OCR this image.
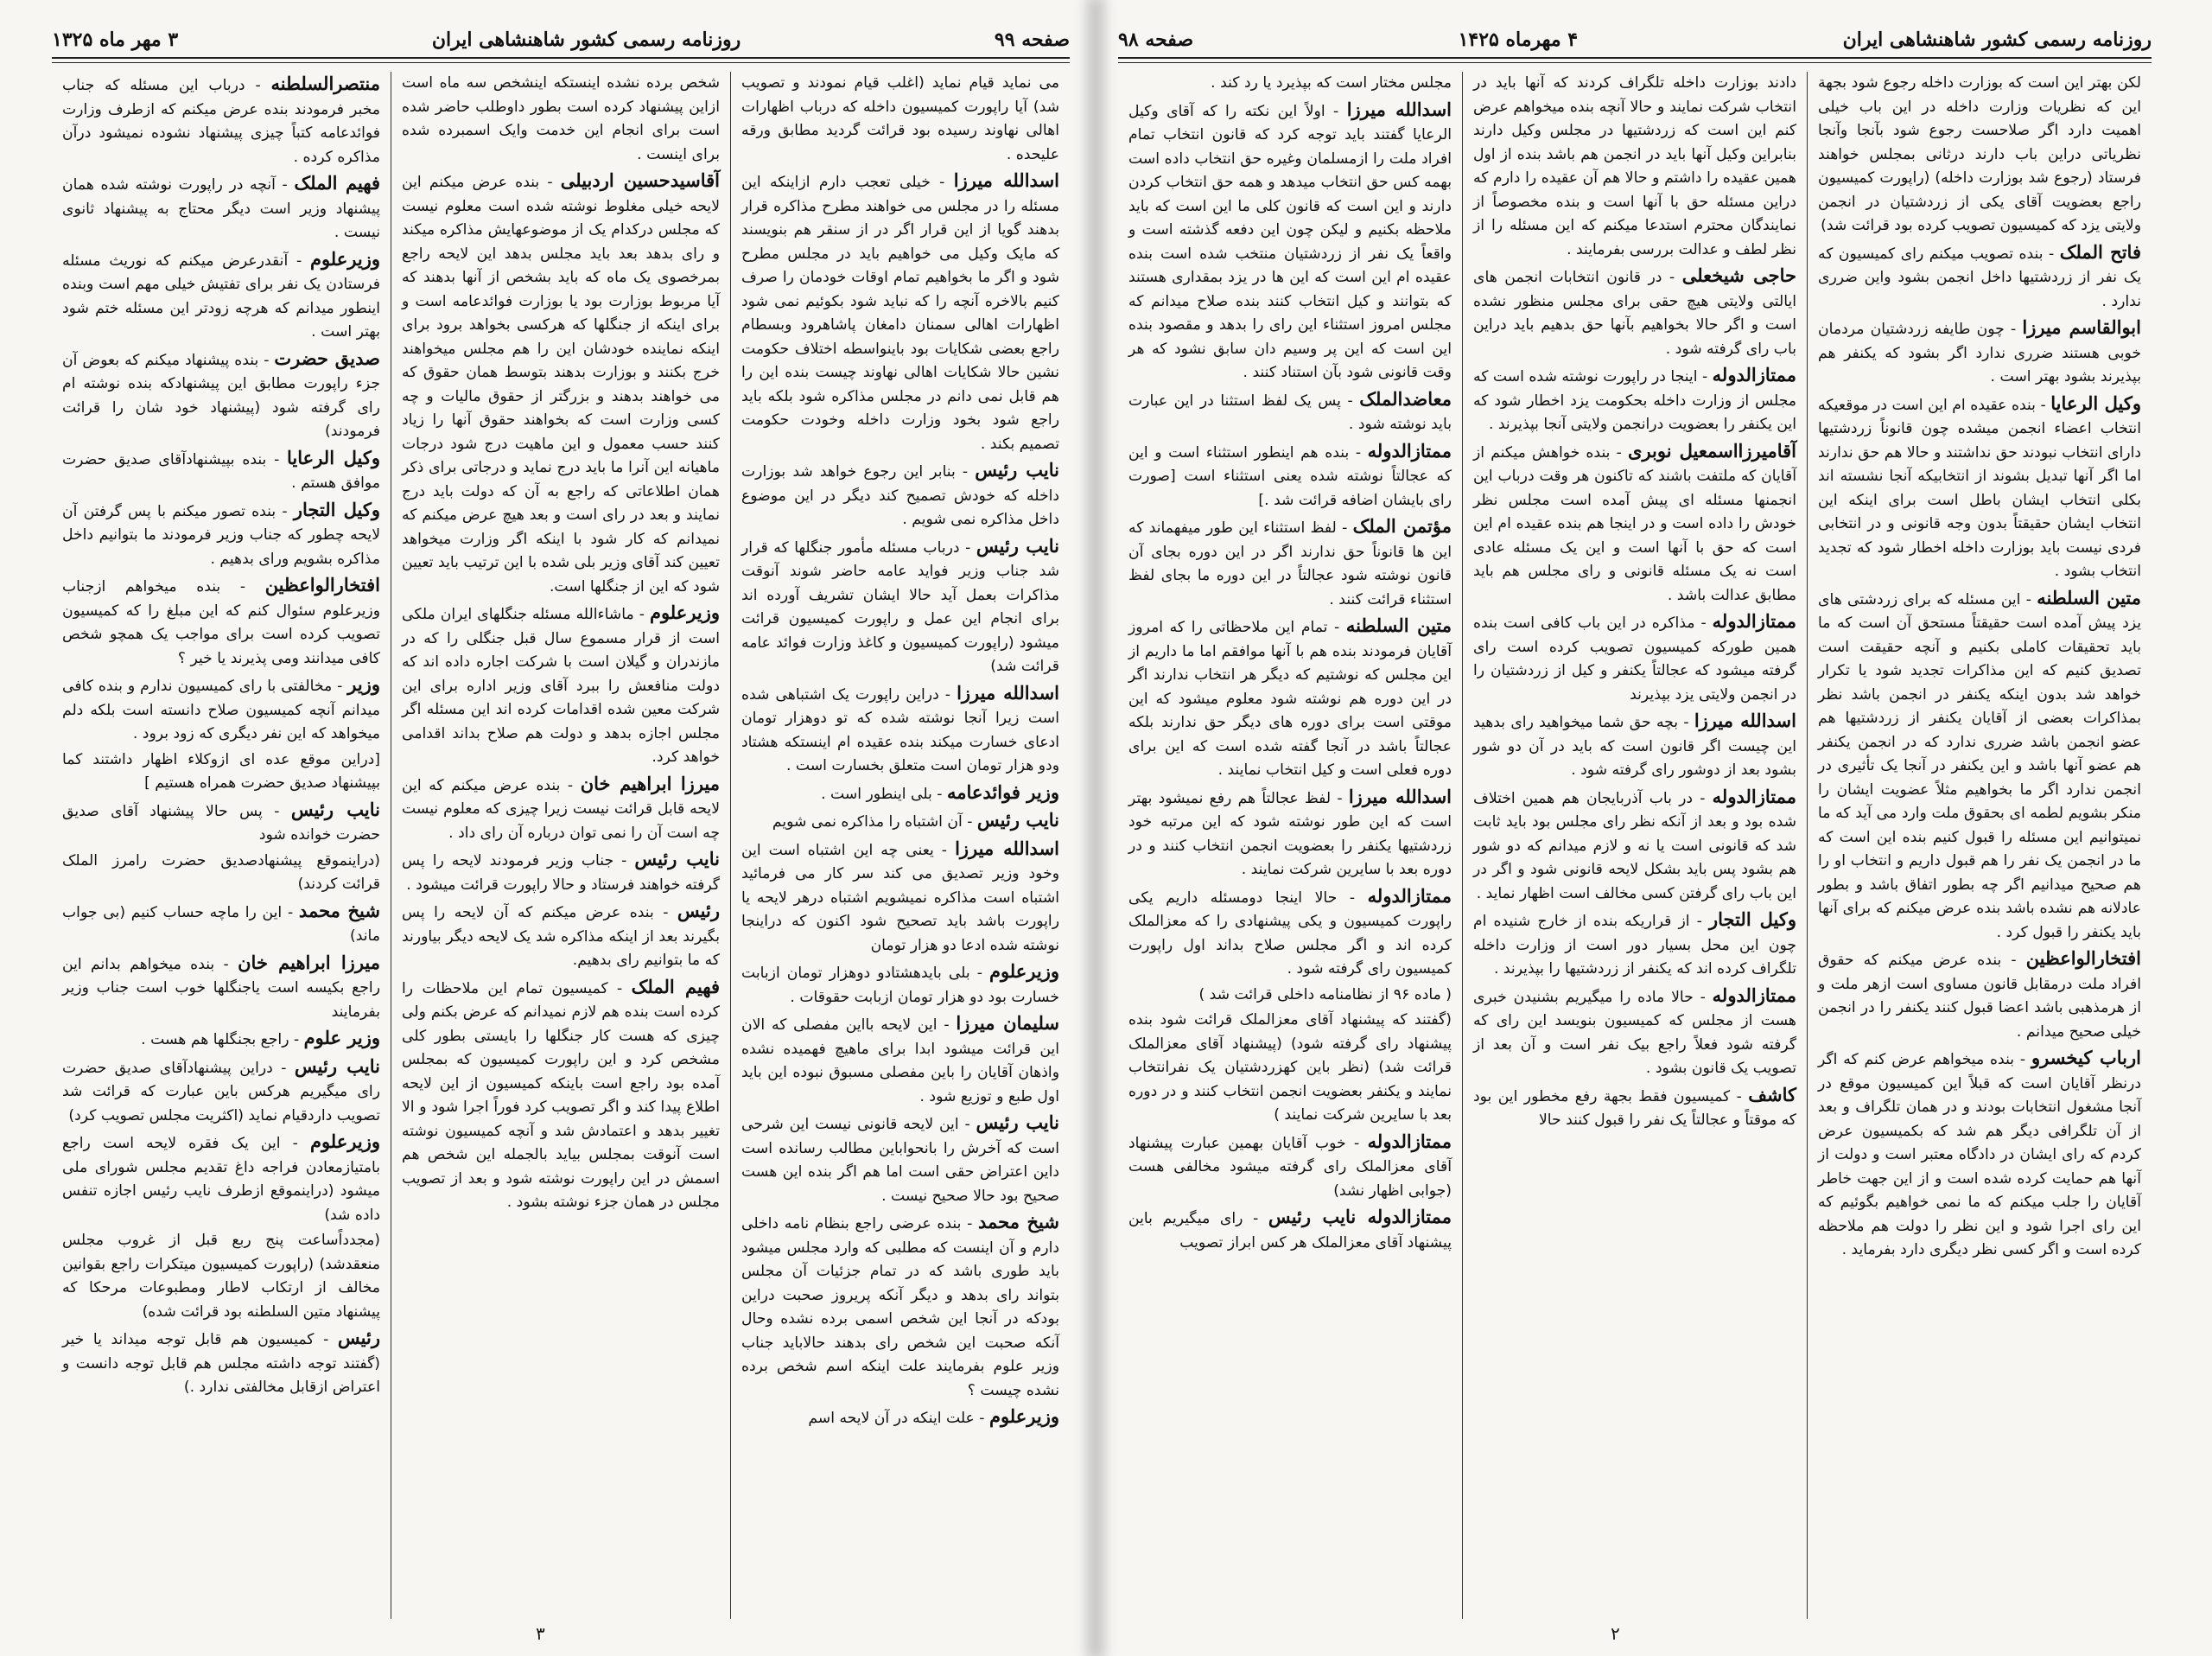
صفحه ۹۹
روزنامه رسمی کشور شاهنشاهی ایران
۳ مهر ماه ۱۳۲۵

می نماید قیام نماید (اغلب قیام نمودند و تصویب شد) آیا راپورت کمیسیون داخله که درباب اظهارات اهالی نهاوند رسیده بود قرائت گردید مطابق ورقه علیحده .

اسدالله میرزا - خیلی تعجب دارم ازاینکه این مسئله را در مجلس می خواهند مطرح مذاکره قرار بدهند گویا از این قرار اگر در از سنقر هم بنویسند که مایک وکیل می خواهیم باید در مجلس مطرح شود و اگر ما بخواهیم تمام اوقات خودمان را صرف کنیم بالاخره آنچه را که نباید شود بکوئیم نمی شود اظهارات اهالی سمنان دامغان پاشاهرود وبسطام راجع بعضی شکایات بود باینواسطه اختلاف حکومت نشین حالا شکایات اهالی نهاوند چیست بنده این را هم قابل نمی دانم در مجلس مذاکره شود بلکه باید راجع شود بخود وزارت داخله وخودت حکومت تصمیم بکند .

نایب رئیس - بنابر این رجوع خواهد شد بوزارت داخله که خودش تصمیح کند دیگر در این موضوع داخل مذاکره نمی شویم .

نایب رئیس - درباب مسئله مأمور جنگلها که قرار شد جناب وزیر فواید عامه حاضر شوند آنوقت مذاکرات بعمل آید حالا ایشان تشریف آورده اند برای انجام این عمل و راپورت کمیسیون قرائت میشود (راپورت کمیسیون و کاغذ وزارت فوائد عامه قرائت شد)

اسدالله میرزا - دراین راپورت یک اشتباهی شده است زیرا آنجا نوشته شده که تو دوهزار تومان ادعای خسارت میکند بنده عقیده ام اینستکه هشتاد ودو هزار تومان است متعلق بخسارت است .

وزیر فوائدعامه - بلی اینطور است .

نایب رئیس - آن اشتباه را مذاکره نمی شویم

اسدالله میرزا - یعنی چه این اشتباه است این وخود وزیر تصدیق می کند سر کار می فرمائید اشتباه است مذاکره نمیشویم اشتباه درهر لایحه یا راپورت باشد باید تصحیح شود اکنون که دراینجا نوشته شده ادعا دو هزار تومان

وزیرعلوم - بلی بایدهشتادو دوهزار تومان ازبابت خسارت بود دو هزار تومان ازبابت حقوقات .

سلیمان میرزا - این لایحه بااین مفصلی که الان این قرائت میشود ابدا برای ماهیچ فهمیده نشده واذهان آقایان را باین مفصلی مسبوق نبوده این باید اول طبع و توزیع شود .

نایب رئیس - این لایحه قانونی نیست این شرحی است که آخرش را بانحواباین مطالب رسانده است داین اعتراض حقی است اما هم اگر بنده این هست صحیح بود حالا صحیح نیست .

شیخ محمد - بنده عرضی راجع بنظام نامه داخلی دارم و آن اینست که مطلبی که وارد مجلس میشود باید طوری باشد که در تمام جزئیات آن مجلس بتواند رای بدهد و دیگر آنکه پریروز صحبت دراین بودکه در آنجا این شخص اسمی برده نشده وحال آنکه صحبت این شخص رای بدهند حالاباید جناب وزیر علوم بفرمایند علت اینکه اسم شخص برده نشده چیست ؟

وزیرعلوم - علت اینکه در آن لایحه اسم

شخص برده نشده اینستکه اینشخص سه ماه است ازاین پیشنهاد کرده است بطور داوطلب حاضر شده است برای انجام این خدمت وایک اسمبرده شده برای اینست .

آقاسیدحسین اردبیلی - بنده عرض میکنم این لایحه خیلی مغلوط نوشته شده است معلوم نیست که مجلس درکدام یک از موضوعهایش مذاکره میکند و رای بدهد بعد باید مجلس بدهد این لایحه راجع بمرخصوی یک ماه که باید بشخص از آنها بدهند که آیا مربوط بوزارت بود یا بوزارت فوائدعامه است و برای اینکه از جنگلها که هرکسی بخواهد برود برای اینکه نماینده خودشان این را هم مجلس میخواهند خرج بکنند و بوزارت بدهند بتوسط همان حقوق که می خواهند بدهند و بزرگتر از حقوق مالیات و چه کسی وزارت است که بخواهند حقوق آنها را زیاد کنند حسب معمول و این ماهیت درج شود درجات ماهیانه این آنرا ما باید درج نماید و درجاتی برای ذکر همان اطلاعاتی که راجع به آن که دولت باید درج نمایند و بعد در رای است و بعد هیچ عرض میکنم که نمیدانم که کار شود با اینکه اگر وزارت میخواهد تعیین کند آقای وزیر بلی شده با این ترتیب باید تعیین شود که این از جنگلها است.

وزیرعلوم - ماشاءالله مسئله جنگلهای ایران ملکی است از قرار مسموع سال قبل جنگلی را که در مازندران و گیلان است با شرکت اجاره داده اند که دولت منافعش را ببرد آقای وزیر اداره برای این شرکت معین شده اقدامات کرده اند این مسئله اگر مجلس اجازه بدهد و دولت هم صلاح بداند اقدامی خواهد کرد.

میرزا ابراهیم خان - بنده عرض میکنم که این لایحه قابل قرائت نیست زیرا چیزی که معلوم نیست چه است آن را نمی توان درباره آن رای داد .

نایب رئیس - جناب وزیر فرمودند لایحه را پس گرفته خواهند فرستاد و حالا راپورت قرائت میشود .

رئیس - بنده عرض میکنم که آن لایحه را پس بگیرند بعد از اینکه مذاکره شد یک لایحه دیگر بیاورند که ما بتوانیم رای بدهیم.

فهیم الملک - کمیسیون تمام این ملاحظات را کرده است بنده هم لازم نمیدانم که عرض بکنم ولی چیزی که هست کار جنگلها را بایستی بطور کلی مشخص کرد و این راپورت کمیسیون که بمجلس آمده بود راجع است باینکه کمیسیون از این لایحه اطلاع پیدا کند و اگر تصویب کرد فوراً اجرا شود و الا تغییر بدهد و اعتمادش شد و آنچه کمیسیون نوشته است آنوقت بمجلس بیاید بالجمله این شخص هم اسمش در این راپورت نوشته شود و بعد از تصویب مجلس در همان جزء نوشته بشود .

منتصرالسلطنه - درباب این مسئله که جناب مخبر فرمودند بنده عرض میکنم که ازطرف وزارت فوائدعامه کتباً چیزی پیشنهاد نشوده نمیشود درآن مذاکره کرده .

فهیم الملک - آنچه در راپورت نوشته شده همان پیشنهاد وزیر است دیگر محتاج به پیشنهاد ثانوی نیست .

وزیرعلوم - آنقدرعرض میکنم که نوریث مسئله فرستادن یک نفر برای تفتیش خیلی مهم است وبنده اینطور میدانم که هرچه زودتر این مسئله ختم شود بهتر است .

صدیق حضرت - بنده پیشنهاد میکنم که بعوض آن جزء راپورت مطابق این پیشنهادکه بنده نوشته ام رای گرفته شود (پیشنهاد خود شان را قرائت فرمودند)

وکیل الرعایا - بنده بپیشنهادآقای صدیق حضرت موافق هستم .

وکیل التجار - بنده تصور میکنم با پس گرفتن آن لایحه چطور که جناب وزیر فرمودند ما بتوانیم داخل مذاکره بشویم ورای بدهیم .

افتخارالواعظین - بنده میخواهم ازجناب وزیرعلوم سئوال کنم که این مبلغ را که کمیسیون تصویب کرده است برای مواجب یک همچو شخص کافی میدانند ومی پذیرند یا خیر ؟

وزیر - مخالفتی با رای کمیسیون ندارم و بنده کافی میدانم آنچه کمیسیون صلاح دانسته است بلکه دلم میخواهد که این نفر دیگری که زود برود .

[دراین موقع عده ای ازوکلاء اظهار داشتند کما بپیشنهاد صدیق حضرت همراه هستیم ]

نایب رئیس - پس حالا پیشنهاد آقای صدیق حضرت خوانده شود

(دراینموقع پیشنهادصدیق حضرت رامرز الملک قرائت کردند)

شیخ محمد - این را ماچه حساب کنیم (بی جواب ماند)

میرزا ابراهیم خان - بنده میخواهم بدانم این راجع بکیسه است یاجنگلها خوب است جناب وزیر بفرمایند

وزیر علوم - راجع بجنگلها هم هست .

نایب رئیس - دراین پیشنهادآقای صدیق حضرت رای میگیریم هرکس باین عبارت که قرائت شد تصویب داردقیام نماید (اکثریت مجلس تصویب کرد)

وزیرعلوم - این یک فقره لایحه است راجع بامتیازمعادن فراجه داغ تقدیم مجلس شورای ملی میشود (دراینموقع ازطرف نایب رئیس اجازه تنفس داده شد)

(مجدداًساعت پنج ربع قبل از غروب مجلس منعقدشد) (راپورت کمیسیون میتکرات راجع بقوانین مخالف از ارتکاب لاطار ومطبوعات مرحکا که پیشنهاد متین السلطنه بود قرائت شده)

رئیس - کمیسیون هم قابل توجه میداند یا خیر (گفتند توجه داشته مجلس هم قابل توجه دانست و اعتراض ازقابل مخالفتی ندارد .)

۳
روزنامه رسمی کشور شاهنشاهی ایران
۴ مهرماه ۱۴۲۵
صفحه ۹۸

لکن بهتر این است که بوزارت داخله رجوع شود بجهة این که نظریات وزارت داخله در این باب خیلی اهمیت دارد اگر صلاحست رجوع شود بآنجا وآنجا نظریاتی دراین باب دارند درثانی بمجلس خواهند فرستاد (رجوع شد بوزارت داخله) (راپورت کمیسیون راجع بعضویت آقای یکی از زردشتیان در انجمن ولایتی یزد که کمیسیون تصویب کرده بود قرائت شد)

فاتح الملک - بنده تصویب میکنم رای کمیسیون که یک نفر از زردشتیها داخل انجمن بشود واین ضرری ندارد .

ابوالقاسم میرزا - چون طایفه زردشتیان مردمان خوبی هستند ضرری ندارد اگر بشود که یکنفر هم بپذیرند بشود بهتر است .

وکیل الرعایا - بنده عقیده ام این است در موقعیکه انتخاب اعضاء انجمن میشده چون قانوناً زردشتیها دارای انتخاب نبودند حق نداشتند و حالا هم حق ندارند اما اگر آنها تبدیل بشوند از انتخابیکه آنجا نشسته اند بکلی انتخاب ایشان باطل است برای اینکه این انتخاب ایشان حقیقتاً بدون وجه قانونی و در انتخابی فردی نیست باید بوزارت داخله اخطار شود که تجدید انتخاب بشود .

متین السلطنه - این مسئله که برای زردشتی های یزد پیش آمده است حقیقتاً مستحق آن است که ما باید تحقیقات کاملی بکنیم و آنچه حقیقت است تصدیق کنیم که این مذاکرات تجدید شود یا تکرار خواهد شد بدون اینکه یکنفر در انجمن باشد نظر بمذاکرات بعضی از آقایان یکنفر از زردشتیها هم عضو انجمن باشد ضرری ندارد که در انجمن یکنفر هم عضو آنها باشد و این یکنفر در آنجا یک تأثیری در انجمن ندارد اگر ما بخواهیم مثلاً عضویت ایشان را منکر بشویم لطمه ای بحقوق ملت وارد می آید که ما نمیتوانیم این مسئله را قبول کنیم بنده این است که ما در انجمن یک نفر را هم قبول داریم و انتخاب او را هم صحیح میدانیم اگر چه بطور اتفاق باشد و بطور عادلانه هم نشده باشد بنده عرض میکنم که برای آنها باید یکنفر را قبول کرد .

افتخارالواعظین - بنده عرض میکنم که حقوق افراد ملت درمقابل قانون مساوی است ازهر ملت و از هرمذهبی باشد اعضا قبول کنند یکنفر را در انجمن خیلی صحیح میدانم .

ارباب کیخسرو - بنده میخواهم عرض کنم که اگر درنظر آقایان است که قبلاً این کمیسیون موقع در آنجا مشغول انتخابات بودند و در همان تلگراف و بعد از آن تلگرافی دیگر هم شد که بکمیسیون عرض کردم که رای ایشان در دادگاه معتبر است و دولت از آنها هم حمایت کرده شده است و از این جهت خاطر آقایان را جلب میکنم که ما نمی خواهیم بگوئیم که این رای اجرا شود و این نظر را دولت هم ملاحظه کرده است و اگر کسی نظر دیگری دارد بفرماید .

دادند بوزارت داخله تلگراف کردند که آنها باید در انتخاب شرکت نمایند و حالا آنچه بنده میخواهم عرض کنم این است که زردشتیها در مجلس وکیل دارند بنابراین وکیل آنها باید در انجمن هم باشد بنده از اول همین عقیده را داشتم و حالا هم آن عقیده را دارم که دراین مسئله حق با آنها است و بنده مخصوصاً از نمایندگان محترم استدعا میکنم که این مسئله را از نظر لطف و عدالت بررسی بفرمایند .

حاجی شیخعلی - در قانون انتخابات انجمن های ایالتی ولایتی هیچ حقی برای مجلس منظور نشده است و اگر حالا بخواهیم بآنها حق بدهیم باید دراین باب رای گرفته شود .

ممتازالدوله - اینجا در راپورت نوشته شده است که مجلس از وزارت داخله بحکومت یزد اخطار شود که این یکنفر را بعضویت درانجمن ولایتی آنجا بپذیرند .

آقامیرزااسمعیل نوبری - بنده خواهش میکنم از آقایان که ملتفت باشند که تاکنون هر وقت درباب این انجمنها مسئله ای پیش آمده است مجلس نظر خودش را داده است و در اینجا هم بنده عقیده ام این است که حق با آنها است و این یک مسئله عادی است نه یک مسئله قانونی و رای مجلس هم باید مطابق عدالت باشد .

ممتازالدوله - مذاکره در این باب کافی است بنده همین طورکه کمیسیون تصویب کرده است رای گرفته میشود که عجالتاً یکنفر و کیل از زردشتیان را در انجمن ولایتی یزد بپذیرند

اسدالله میرزا - بچه حق شما میخواهید رای بدهید این چیست اگر قانون است که باید در آن دو شور بشود بعد از دوشور رای گرفته شود .

ممتازالدوله - در باب آذربایجان هم همین اختلاف شده بود و بعد از آنکه نظر رای مجلس بود باید ثابت شد که قانونی است یا نه و لازم میدانم که دو شور هم بشود پس باید بشکل لایحه قانونی شود و اگر در این باب رای گرفتن کسی مخالف است اظهار نماید .

وکیل التجار - از قراریکه بنده از خارج شنیده ام چون این محل بسیار دور است از وزارت داخله تلگراف کرده اند که یکنفر از زردشتیها را بپذیرند .

ممتازالدوله - حالا ماده را میگیریم بشنیدن خبری هست از مجلس که کمیسیون بنویسد این رای که گرفته شود فعلاً راجع بیک نفر است و آن بعد از تصویب یک قانون بشود .

کاشف - کمیسیون فقط بجهة رفع مخطور این بود که موقتاً و عجالتاً یک نفر را قبول کنند حالا

مجلس مختار است که بپذیرد یا رد کند .

اسدالله میرزا - اولاً این نکته را که آقای وکیل الرعایا گفتند باید توجه کرد که قانون انتخاب تمام افراد ملت را ازمسلمان وغیره حق انتخاب داده است بهمه کس حق انتخاب میدهد و همه حق انتخاب کردن دارند و این است که قانون کلی ما این است که باید ملاحظه بکنیم و لیکن چون این دفعه گذشته است و واقعاً یک نفر از زردشتیان منتخب شده است بنده عقیده ام این است که این ها در یزد بمقداری هستند که بتوانند و کیل انتخاب کنند بنده صلاح میدانم که مجلس امروز استثناء این رای را بدهد و مقصود بنده این است که این پر وسیم دان سابق نشود که هر وقت قانونی شود بآن استناد کنند .

معاضدالملک - پس یک لفظ استثنا در این عبارت باید نوشته شود .

ممتازالدوله - بنده هم اینطور استثناء است و این که عجالتاً نوشته شده یعنی استثناء است [صورت رای بایشان اضافه قرائت شد .]

مؤتمن الملک - لفظ استثناء این طور میفهماند که این ها قانوناً حق ندارند اگر در این دوره بجای آن قانون نوشته شود عجالتاً در این دوره ما بجای لفظ استثناء قرائت کنند .

متین السلطنه - تمام این ملاحظاتی را که امروز آقایان فرمودند بنده هم با آنها موافقم اما ما داریم از این مجلس که نوشتیم که دیگر هر انتخاب ندارند اگر در این دوره هم نوشته شود معلوم میشود که این موقتی است برای دوره های دیگر حق ندارند بلکه عجالتاً باشد در آنجا گفته شده است که این برای دوره فعلی است و کیل انتخاب نمایند .

اسدالله میرزا - لفظ عجالتاً هم رفع نمیشود بهتر است که این طور نوشته شود که این مرتبه خود زردشتیها یکنفر را بعضویت انجمن انتخاب کنند و در دوره بعد با سایرین شرکت نمایند .

ممتازالدوله - حالا اینجا دومسئله داریم یکی راپورت کمیسیون و یکی پیشنهادی را که معزالملک کرده اند و اگر مجلس صلاح بداند اول راپورت کمیسیون رای گرفته شود .

( ماده ۹۶ از نظامنامه داخلی قرائت شد )

(گفتند که پیشنهاد آقای معزالملک قرائت شود بنده پیشنهاد رای گرفته شود) (پیشنهاد آقای معزالملک قرائت شد) (نظر باین کهزردشتیان یک نفرانتخاب نمایند و یکنفر بعضویت انجمن انتخاب کنند و در دوره بعد با سایرین شرکت نمایند )

ممتازالدوله - خوب آقایان بهمین عبارت پیشنهاد آقای معزالملک رای گرفته میشود مخالفی هست (جوابی اظهار نشد)

ممتازالدوله نایب رئیس - رای میگیریم باین پیشنهاد آقای معزالملک هر کس ابراز تصویب

۲
